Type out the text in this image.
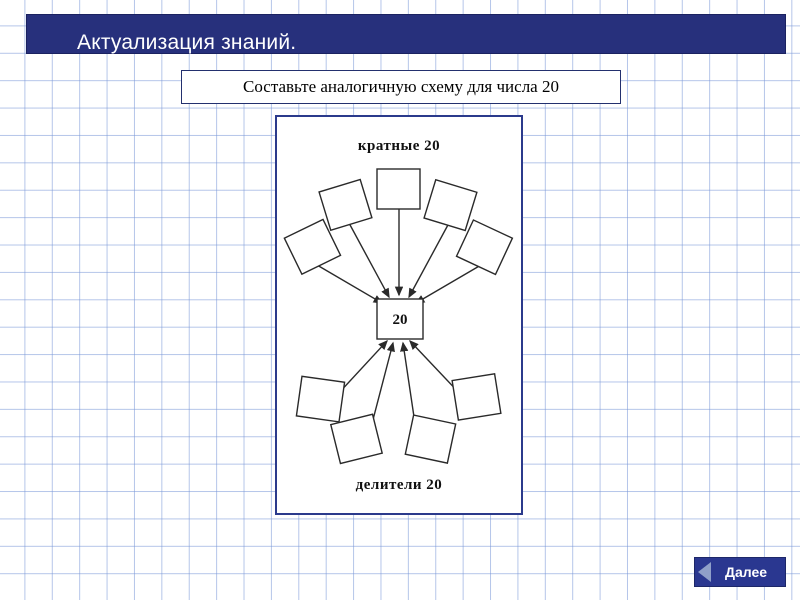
Актуализация знаний.
Составьте аналогичную схему для числа 20
кратные 20
20
делители 20
Далее
